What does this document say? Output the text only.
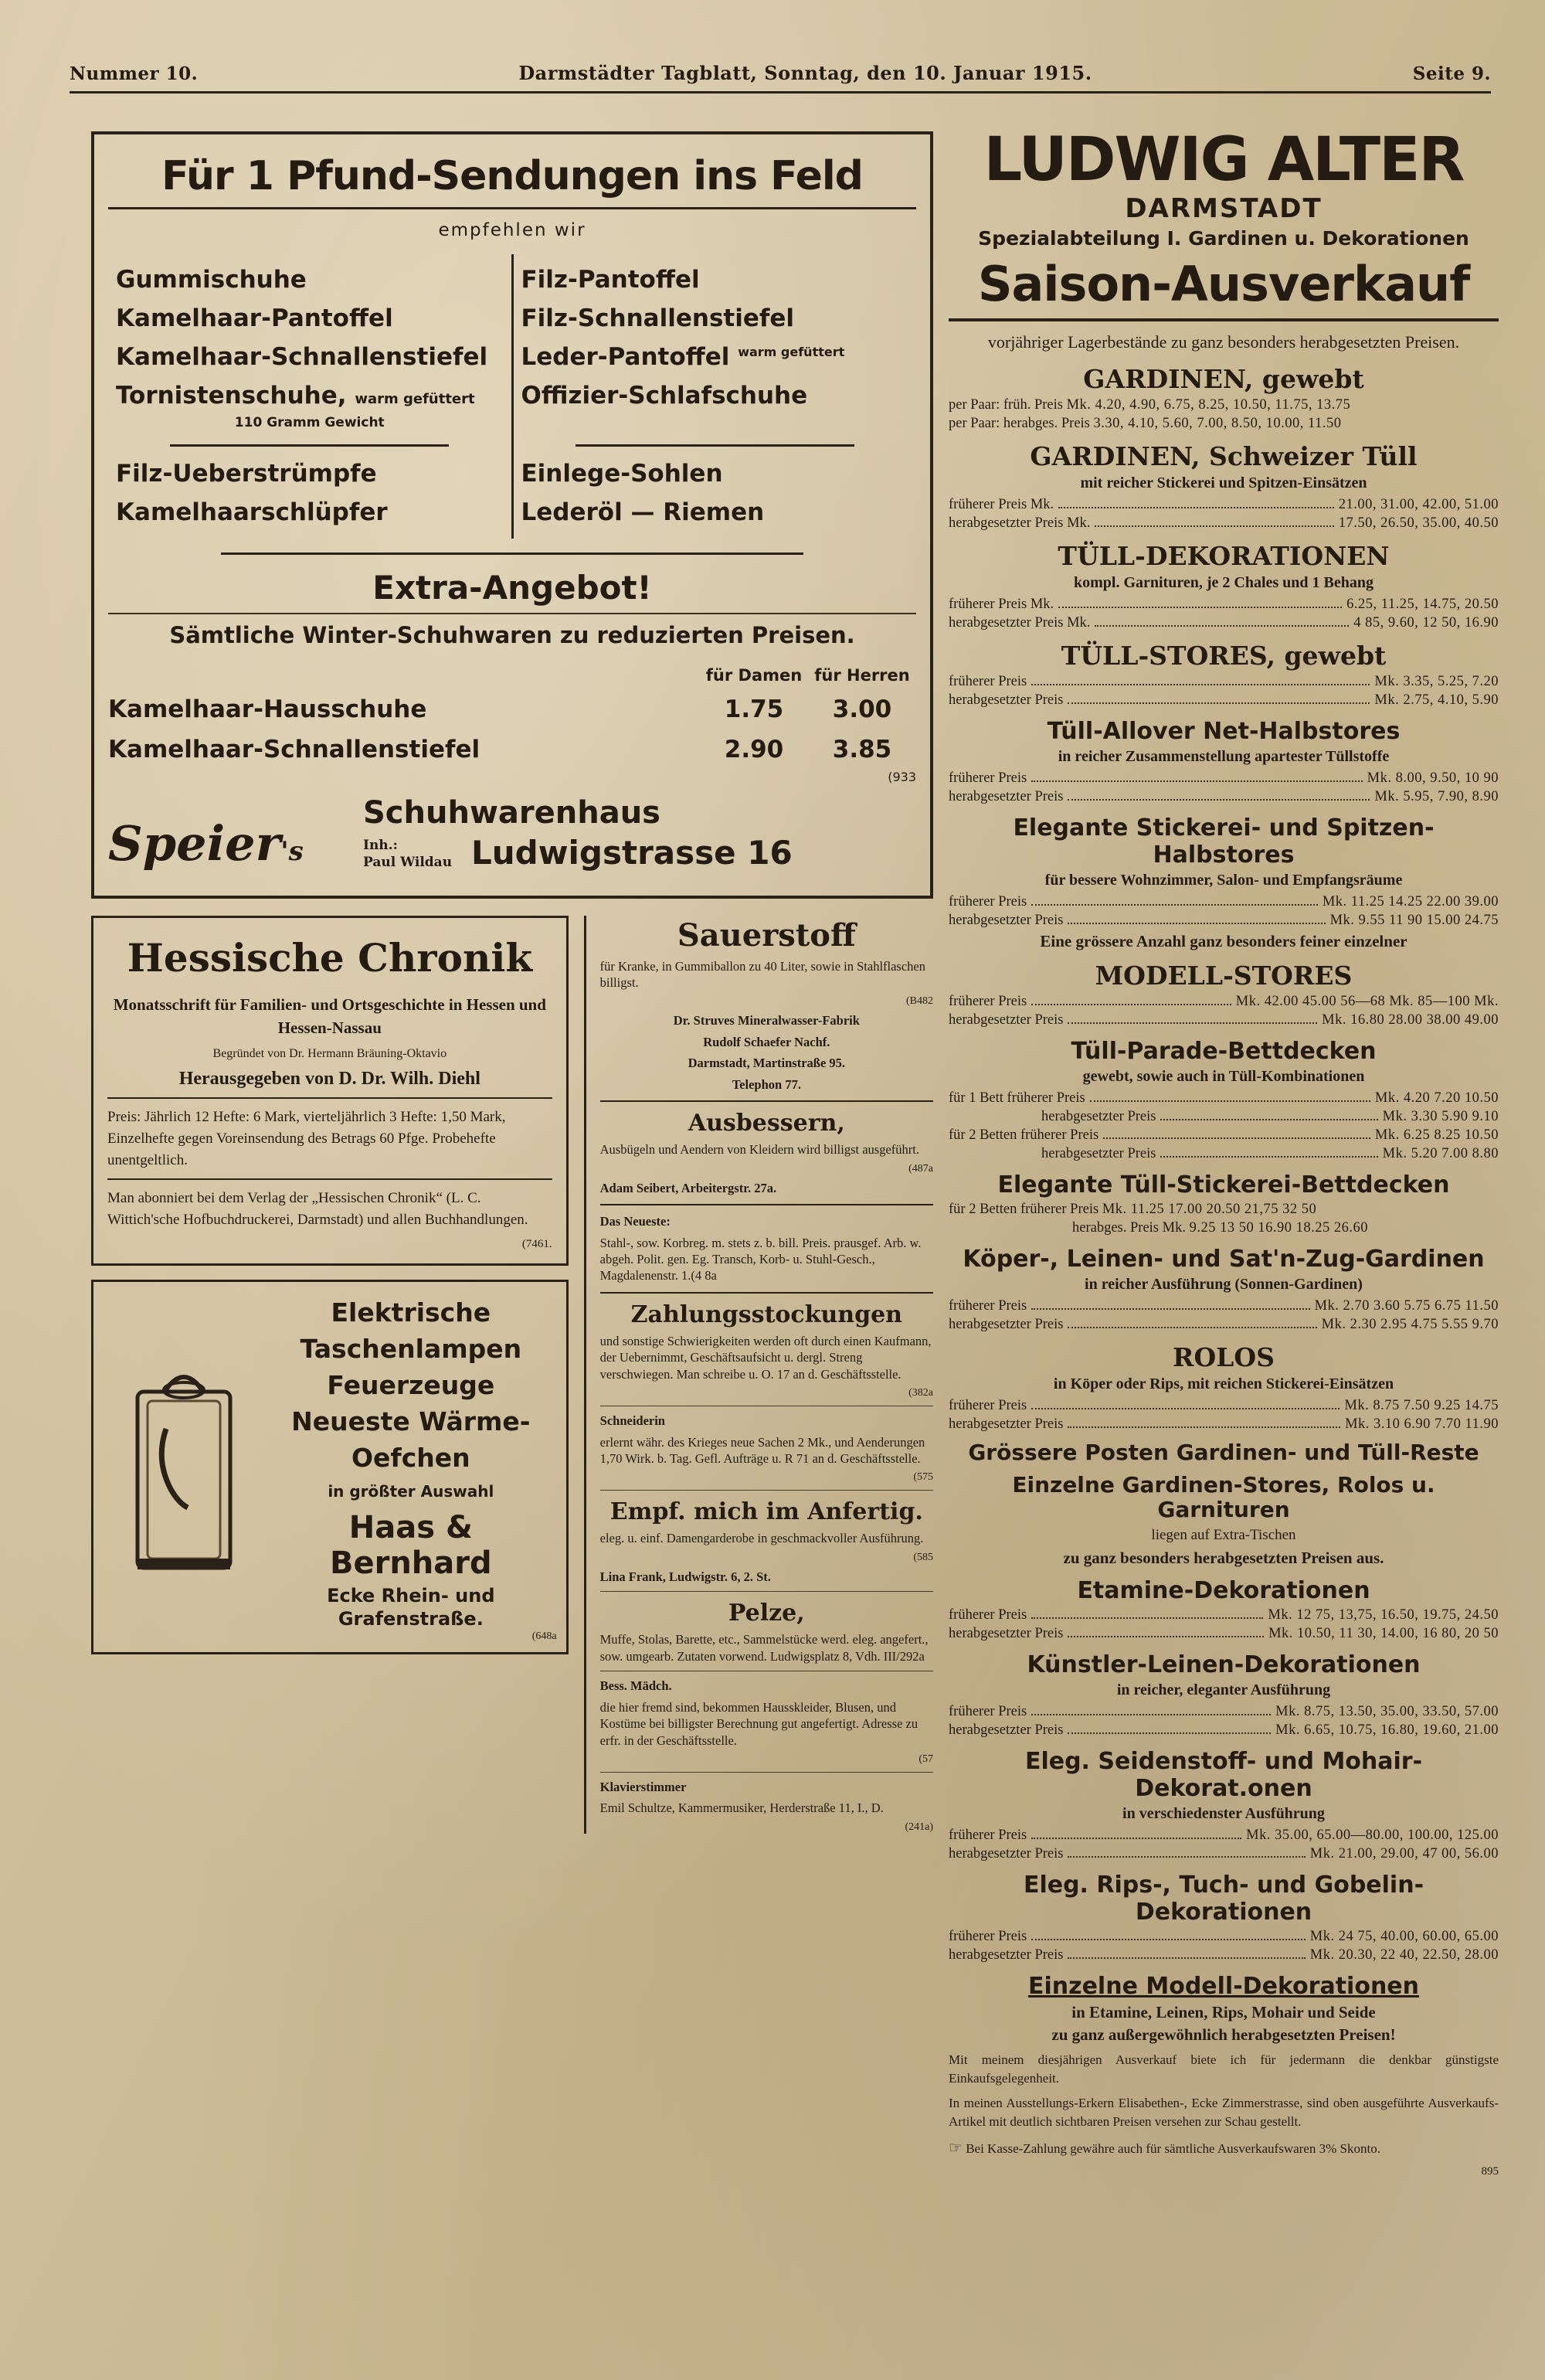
Nummer 10.	Darmstädter Tagblatt, Sonntag, den 10. Januar 1915.	Seite 9.
Für 1 Pfund-Sendungen ins Feld
empfehlen wir
Gummischuhe
Kamelhaar-Pantoffel
Kamelhaar-Schnallenstiefel
Tornistenschuhe, warm gefüttert
110 Gramm Gewicht
Filz-Pantoffel
Filz-Schnallenstiefel
Leder-Pantoffel warm gefüttert
Offizier-Schlafschuhe
Filz-Ueberstrümpfe
Kamelhaarschlüpfer
Einlege-Sohlen
Lederöl — Riemen
Extra-Angebot!
Sämtliche Winter-Schuhwaren zu reduzierten Preisen.
	für Damen	für Herren
Kamelhaar-Hausschuhe	1.75	3.00
Kamelhaar-Schnallenstiefel	2.90	3.85
(933
Speier's
Schuhwarenhaus
Inh.:
Paul Wildau Ludwigstrasse 16
Hessische Chronik
Monatsschrift für Familien- und Ortsgeschichte in Hessen und Hessen-Nassau
Begründet von Dr. Hermann Bräuning-Oktavio
Herausgegeben von D. Dr. Wilh. Diehl
Preis: Jährlich 12 Hefte: 6 Mark, vierteljährlich 3 Hefte: 1,50 Mark, Einzelhefte gegen Voreinsendung des Betrags 60 Pfge. Probehefte unentgeltlich.
Man abonniert bei dem Verlag der „Hessischen Chronik“ (L. C. Wittich'sche Hofbuchdruckerei, Darmstadt) und allen Buchhandlungen.
(7461.
Elektrische
Taschenlampen
Feuerzeuge
Neueste Wärme-
Oefchen
in größter Auswahl
Haas & Bernhard
Ecke Rhein- und Grafenstraße.
(648a
Sauerstoff
für Kranke, in Gummiballon zu 40 Liter, sowie in Stahlflaschen billigst.
(B482
Dr. Struves Mineralwasser-Fabrik
Rudolf Schaefer Nachf.
Darmstadt, Martinstraße 95.
Telephon 77.
Ausbessern,
Ausbügeln und Aendern von Kleidern wird billigst ausgeführt.
(487a
Adam Seibert, Arbeitergstr. 27a.
Das Neueste:
Stahl-, sow. Korbreg. m. stets z. b. bill. Preis. prausgef. Arb. w. abgeh. Polit. gen. Eg. Transch, Korb- u. Stuhl-Gesch., Magdalenenstr. 1.(4 8a
Zahlungsstockungen
und sonstige Schwierigkeiten werden oft durch einen Kaufmann, der Uebernimmt, Geschäftsaufsicht u. dergl. Streng verschwiegen. Man schreibe u. O. 17 an d. Geschäftsstelle.
(382a
Schneiderin
erlernt währ. des Krieges neue Sachen 2 Mk., und Aenderungen 1,70 Wirk. b. Tag. Gefl. Aufträge u. R 71 an d. Geschäftsstelle.
(575
Empf. mich im Anfertig.
eleg. u. einf. Damengarderobe in geschmackvoller Ausführung.
(585
Lina Frank, Ludwigstr. 6, 2. St.
Pelze,
Muffe, Stolas, Barette, etc., Sammelstücke werd. eleg. angefert., sow. umgearb. Zutaten vorwend. Ludwigsplatz 8, Vdh. III/292a
Bess. Mädch.
die hier fremd sind, bekommen Hausskleider, Blusen, und Kostüme bei billigster Berechnung gut angefertigt. Adresse zu erfr. in der Geschäftsstelle.
(57
Klavierstimmer
Emil Schultze, Kammermusiker, Herderstraße 11, I., D.
(241a)
LUDWIG ALTER
DARMSTADT
Spezialabteilung I. Gardinen u. Dekorationen
Saison-Ausverkauf
vorjähriger Lagerbestände zu ganz besonders herabgesetzten Preisen.
GARDINEN, gewebt
per Paar:
früh. Preis
Mk. 4.20, 4.90, 6.75, 8.25, 10.50, 11.75, 13.75
per Paar:
herabges. Preis
3.30, 4.10, 5.60, 7.00, 8.50, 10.00, 11.50
GARDINEN, Schweizer Tüll
mit reicher Stickerei und Spitzen-Einsätzen
früherer Preis Mk.	21.00, 31.00, 42.00, 51.00
herabgesetzter Preis Mk.	17.50, 26.50, 35.00, 40.50
TÜLL-DEKORATIONEN
kompl. Garnituren, je 2 Chales und 1 Behang
früherer Preis Mk.	6.25, 11.25, 14.75, 20.50
herabgesetzter Preis Mk.	4 85, 9.60, 12 50, 16.90
TÜLL-STORES, gewebt
früherer Preis	Mk. 3.35, 5.25, 7.20
herabgesetzter Preis	Mk. 2.75, 4.10, 5.90
Tüll-Allover Net-Halbstores
in reicher Zusammenstellung apartester Tüllstoffe
früherer Preis	Mk. 8.00, 9.50, 10 90
herabgesetzter Preis	Mk. 5.95, 7.90, 8.90
Elegante Stickerei- und Spitzen-Halbstores
für bessere Wohnzimmer, Salon- und Empfangsräume
früherer Preis	Mk. 11.25 14.25 22.00 39.00
herabgesetzter Preis	Mk. 9.55 11 90 15.00 24.75
Eine grössere Anzahl ganz besonders feiner einzelner
MODELL-STORES
früherer Preis	Mk. 42.00 45.00 56—68 Mk. 85—100 Mk.
herabgesetzter Preis	Mk. 16.80 28.00 38.00 49.00
Tüll-Parade-Bettdecken
gewebt, sowie auch in Tüll-Kombinationen
für 1 Bett früherer Preis	Mk. 4.20 7.20 10.50
herabgesetzter Preis	Mk. 3.30 5.90 9.10
für 2 Betten früherer Preis	Mk. 6.25 8.25 10.50
herabgesetzter Preis	Mk. 5.20 7.00 8.80
Elegante Tüll-Stickerei-Bettdecken
für 2 Betten früherer Preis
Mk. 11.25 17.00 20.50 21,75 32 50
herabges. Preis Mk.
9.25 13 50 16.90 18.25 26.60
Köper-, Leinen- und Sat'n-Zug-Gardinen
in reicher Ausführung (Sonnen-Gardinen)
früherer Preis	Mk. 2.70 3.60 5.75 6.75 11.50
herabgesetzter Preis	Mk. 2.30 2.95 4.75 5.55 9.70
ROLOS
in Köper oder Rips, mit reichen Stickerei-Einsätzen
früherer Preis	Mk. 8.75 7.50 9.25 14.75
herabgesetzter Preis	Mk. 3.10 6.90 7.70 11.90
Grössere Posten Gardinen- und Tüll-Reste
Einzelne Gardinen-Stores, Rolos u. Garnituren
liegen auf Extra-Tischen
zu ganz besonders herabgesetzten Preisen aus.
Etamine-Dekorationen
früherer Preis	Mk. 12 75, 13,75, 16.50, 19.75, 24.50
herabgesetzter Preis	Mk. 10.50, 11 30, 14.00, 16 80, 20 50
Künstler-Leinen-Dekorationen
in reicher, eleganter Ausführung
früherer Preis	Mk. 8.75, 13.50, 35.00, 33.50, 57.00
herabgesetzter Preis	Mk. 6.65, 10.75, 16.80, 19.60, 21.00
Eleg. Seidenstoff- und Mohair-Dekorat.onen
in verschiedenster Ausführung
früherer Preis	Mk. 35.00, 65.00—80.00, 100.00, 125.00
herabgesetzter Preis	Mk. 21.00, 29.00, 47 00, 56.00
Eleg. Rips-, Tuch- und Gobelin-Dekorationen
früherer Preis	Mk. 24 75, 40.00, 60.00, 65.00
herabgesetzter Preis	Mk. 20.30, 22 40, 22.50, 28.00
Einzelne Modell-Dekorationen
in Etamine, Leinen, Rips, Mohair und Seide
zu ganz außergewöhnlich herabgesetzten Preisen!
Mit meinem diesjährigen Ausverkauf biete ich für jedermann die denkbar günstigste Einkaufsgelegenheit.
In meinen Ausstellungs-Erkern Elisabethen-, Ecke Zimmerstrasse, sind oben ausgeführte Ausverkaufs-Artikel mit deutlich sichtbaren Preisen versehen zur Schau gestellt.
☞ Bei Kasse-Zahlung gewähre auch für sämtliche Ausverkaufswaren 3% Skonto.
895
